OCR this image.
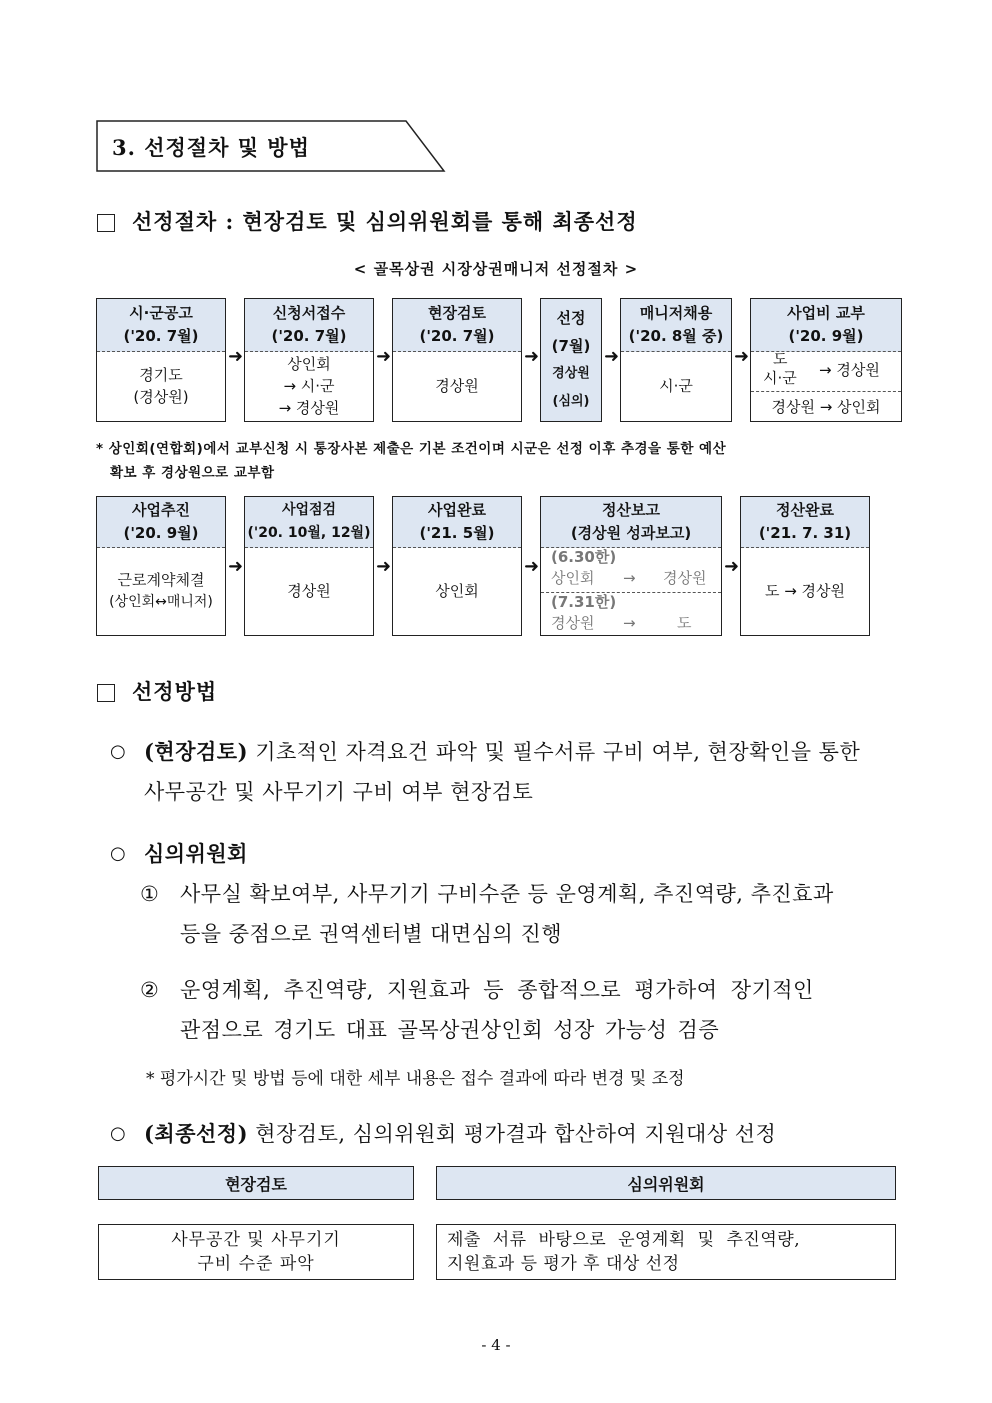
3. 선정절차 및 방법
선정절차 : 현장검토 및 심의위원회를 통해 최종선정
< 골목상권 시장상권매니저 선정절차 >
시·군공고
('20. 7월)
경기도
(경상원)
➜
신청서접수
('20. 7월)
상인회
→ 시·군
→ 경상원
➜
현장검토
('20. 7월)
경상원
➜
선정
(7월)
경상원
(심의)
➜
매니저채용
('20. 8월 중)
시·군
➜
사업비 교부
('20. 9월)
도
시·군 → 경상원
경상원 → 상인회
* 상인회(연합회)에서 교부신청 시 통장사본 제출은 기본 조건이며 시군은 선정 이후 추경을 통한 예산
확보 후 경상원으로 교부함
사업추진
('20. 9월)
근로계약체결
(상인회↔매니저)
➜
사업점검
('20. 10월, 12월)
경상원
➜
사업완료
('21. 5월)
상인회
➜
정산보고
(경상원 성과보고)
(6.30한)
상인회 → 경상원
(7.31한)
경상원 →	도
➜
정산완료
('21. 7. 31)
도 → 경상원
선정방법
○ (현장검토) 기초적인 자격요건 파악 및 필수서류 구비 여부, 현장확인을 통한
사무공간 및 사무기기 구비 여부 현장검토
○ 심의위원회
① 사무실 확보여부, 사무기기 구비수준 등 운영계획, 추진역량, 추진효과
등을 중점으로 권역센터별 대면심의 진행
② 운영계획, 추진역량, 지원효과 등 종합적으로 평가하여 장기적인
관점으로 경기도 대표 골목상권상인회 성장 가능성 검증
* 평가시간 및 방법 등에 대한 세부 내용은 접수 결과에 따라 변경 및 조정
○ (최종선정) 현장검토, 심의위원회 평가결과 합산하여 지원대상 선정
현장검토	심의위원회
사무공간 및 사무기기
구비 수준 파악
제출 서류 바탕으로 운영계획 및 추진역량,
지원효과 등 평가 후 대상 선정
- 4 -
